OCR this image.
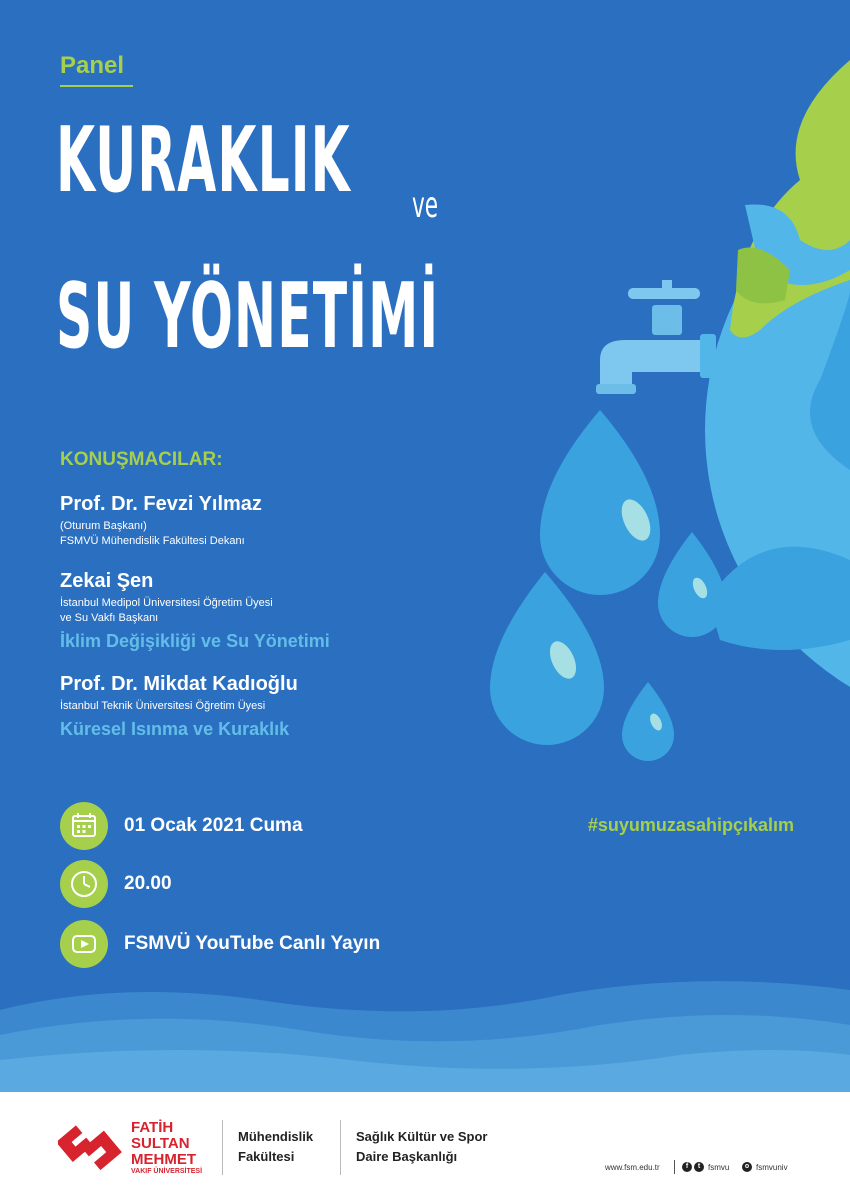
Panel
KURAKLIK ve
SU YÖNETİMİ
KONUŞMACILAR:
Prof. Dr. Fevzi Yılmaz
(Oturum Başkanı)
FSMVÜ Mühendislik Fakültesi Dekanı
Zekai Şen
İstanbul Medipol Üniversitesi Öğretim Üyesi
ve Su Vakfı Başkanı
İklim Değişikliği ve Su Yönetimi
Prof. Dr. Mikdat Kadıoğlu
İstanbul Teknik Üniversitesi Öğretim Üyesi
Küresel Isınma ve Kuraklık
01 Ocak 2021 Cuma
20.00
FSMVÜ YouTube Canlı Yayın
#suyumuzasahipçıkalım
FATİH
SULTAN
MEHMET
VAKIF ÜNİVERSİTESİ
Mühendislik
Fakültesi
Sağlık Kültür ve Spor
Daire Başkanlığı
www.fsm.edu.tr	f	t fsmvu	o fsmvuniv
